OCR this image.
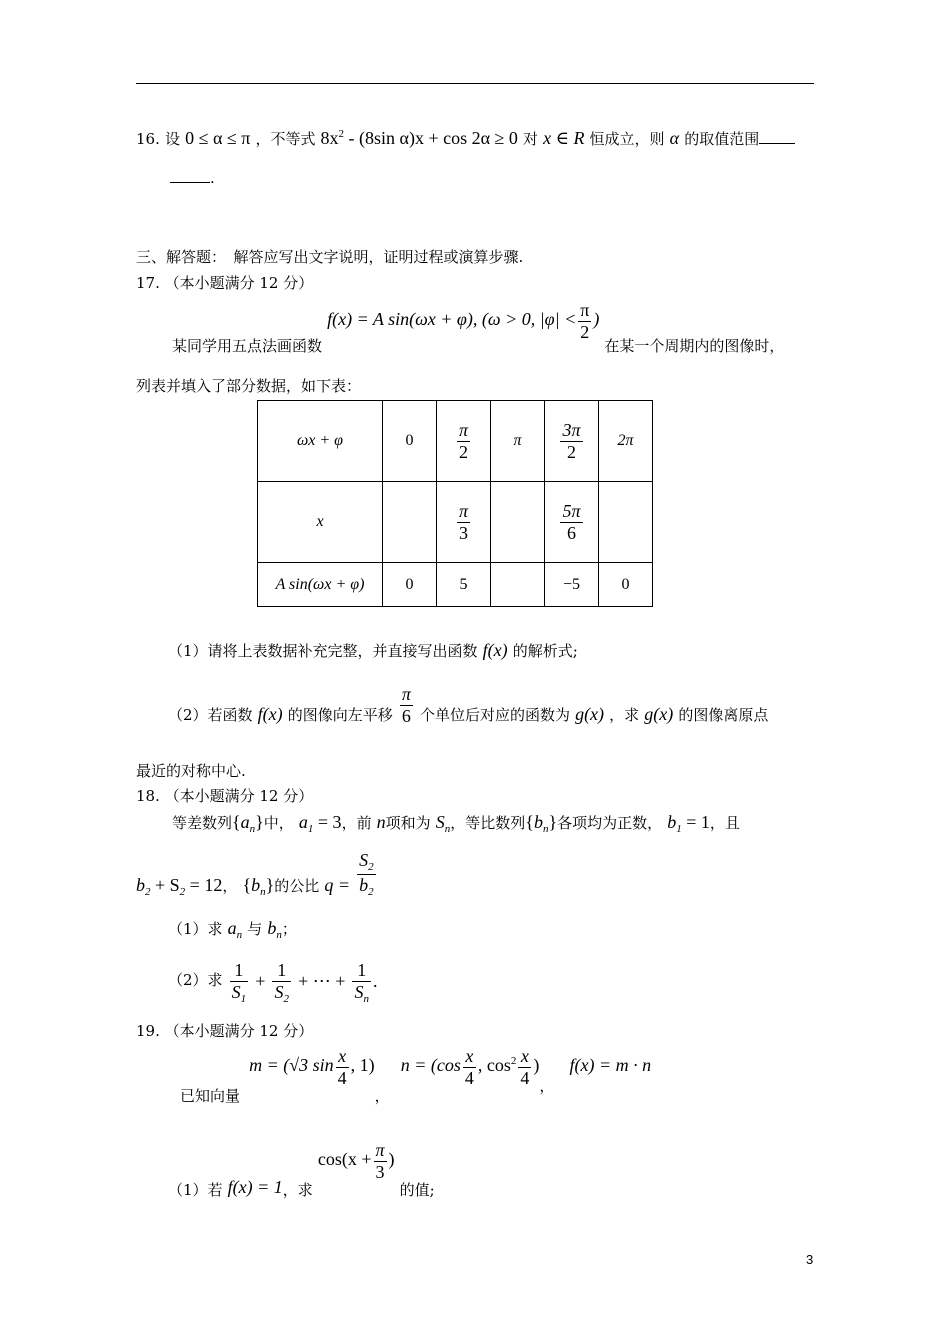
16. 设 0 ≤ α ≤ π ，不等式 $8x^2 - (8\sin$ α)x + cos 2α ≥ 0 对 x ∈ R 恒成立，则 α 的取值范围
.
三、解答题：　解答应写出文字说明，证明过程或演算步骤.
17. （本小题满分 12 分）
某同学用五点法画函数 f(x) = A sin(ωx + φ), (ω > 0, $|\varphi| < \frac{\pi}{2}$ ) 在某一个周期内的图像时，
列表并填入了部分数据，如下表：
ωx + φ	0	$\frac{\pi}{2}$	π	$\frac{3\pi}{2}$	2π
x		$\frac{\pi}{3}$		$\frac{5\pi}{6}$

A sin(ωx + φ)	0	5		−5	0
（1）请将上表数据补充完整，并直接写出函数 f(x) 的解析式;
（2）若函数 f(x) 的图像向左平移 $\frac{\pi}{6}$ 个单位后对应的函数为 g(x) ，求 g(x) 的图像离原点
最近的对称中心.
18. （本小题满分 12 分）
等差数列$\{a_n\}$中， $a_1 = 3$，前 n项和为 $S_n$，等比数列$\{b_n\}$各项均为正数， $b_1 = 1$，且
$b_2 + S_2 = 12$， $\{b_n\}$的公比 $q = \frac{S_2}{b_2}$
（1）求 $a_n$ 与 $b_n$；
（2）求 $\frac{1}{S_1} + \frac{1}{S_2}$ + ⋯ + $\frac{1}{S_n}$ .
19. （本小题满分 12 分）
已知向量 m = (√3 $\sin \frac{x}{4}$ , 1)， $n = (\cos \frac{x}{4}$ , $\cos^2 \frac{x}{4}$ )， f(x) = m · n
（1）若 f(x) = 1，求 $\cos(x + \frac{\pi}{3}$ ) 的值;
3
